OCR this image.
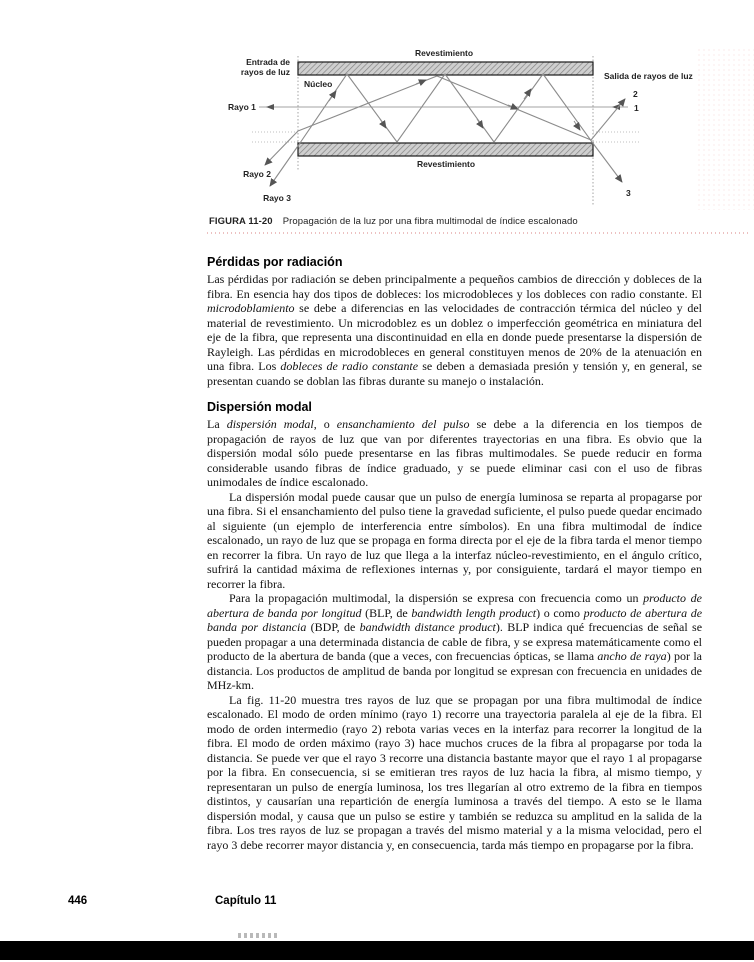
Revestimiento
Entrada de
rayos de luz
Núcleo
Salida de rayos de luz
Rayo 1
Rayo 2
Rayo 3
Revestimiento
2
1
3
FIGURA 11-20 Propagación de la luz por una fibra multimodal de índice escalonado
Pérdidas por radiación

Las pérdidas por radiación se deben principalmente a pequeños cambios de dirección y dobleces de la fibra. En esencia hay dos tipos de dobleces: los microdobleces y los dobleces con radio constante. El microdoblamiento se debe a diferencias en las velocidades de contracción térmica del núcleo y del material de revestimiento. Un microdoblez es un doblez o imperfección geométrica en miniatura del eje de la fibra, que representa una discontinuidad en ella en donde puede presentarse la dispersión de Rayleigh. Las pérdidas en microdobleces en general constituyen menos de 20% de la atenuación en una fibra. Los dobleces de radio constante se deben a demasiada presión y tensión y, en general, se presentan cuando se doblan las fibras durante su manejo o instalación.

Dispersión modal

La dispersión modal, o ensanchamiento del pulso se debe a la diferencia en los tiempos de propagación de rayos de luz que van por diferentes trayectorias en una fibra. Es obvio que la dispersión modal sólo puede presentarse en las fibras multimodales. Se puede reducir en forma considerable usando fibras de índice graduado, y se puede eliminar casi con el uso de fibras unimodales de índice escalonado.

La dispersión modal puede causar que un pulso de energía luminosa se reparta al propagarse por una fibra. Si el ensanchamiento del pulso tiene la gravedad suficiente, el pulso puede quedar encimado al siguiente (un ejemplo de interferencia entre símbolos). En una fibra multimodal de índice escalonado, un rayo de luz que se propaga en forma directa por el eje de la fibra tarda el menor tiempo en recorrer la fibra. Un rayo de luz que llega a la interfaz núcleo-revestimiento, en el ángulo crítico, sufrirá la cantidad máxima de reflexiones internas y, por consiguiente, tardará el mayor tiempo en recorrer la fibra.

Para la propagación multimodal, la dispersión se expresa con frecuencia como un producto de abertura de banda por longitud (BLP, de bandwidth length product) o como producto de abertura de banda por distancia (BDP, de bandwidth distance product). BLP indica qué frecuencias de señal se pueden propagar a una determinada distancia de cable de fibra, y se expresa matemáticamente como el producto de la abertura de banda (que a veces, con frecuencias ópticas, se llama ancho de raya) por la distancia. Los productos de amplitud de banda por longitud se expresan con frecuencia en unidades de MHz-km.

La fig. 11-20 muestra tres rayos de luz que se propagan por una fibra multimodal de índice escalonado. El modo de orden mínimo (rayo 1) recorre una trayectoria paralela al eje de la fibra. El modo de orden intermedio (rayo 2) rebota varias veces en la interfaz para recorrer la longitud de la fibra. El modo de orden máximo (rayo 3) hace muchos cruces de la fibra al propagarse por toda la distancia. Se puede ver que el rayo 3 recorre una distancia bastante mayor que el rayo 1 al propagarse por la fibra. En consecuencia, si se emitieran tres rayos de luz hacia la fibra, al mismo tiempo, y representaran un pulso de energía luminosa, los tres llegarían al otro extremo de la fibra en tiempos distintos, y causarían una repartición de energía luminosa a través del tiempo. A esto se le llama dispersión modal, y causa que un pulso se estire y también se reduzca su amplitud en la salida de la fibra. Los tres rayos de luz se propagan a través del mismo material y a la misma velocidad, pero el rayo 3 debe recorrer mayor distancia y, en consecuencia, tarda más tiempo en propagarse por la fibra.

446	Capítulo 11
